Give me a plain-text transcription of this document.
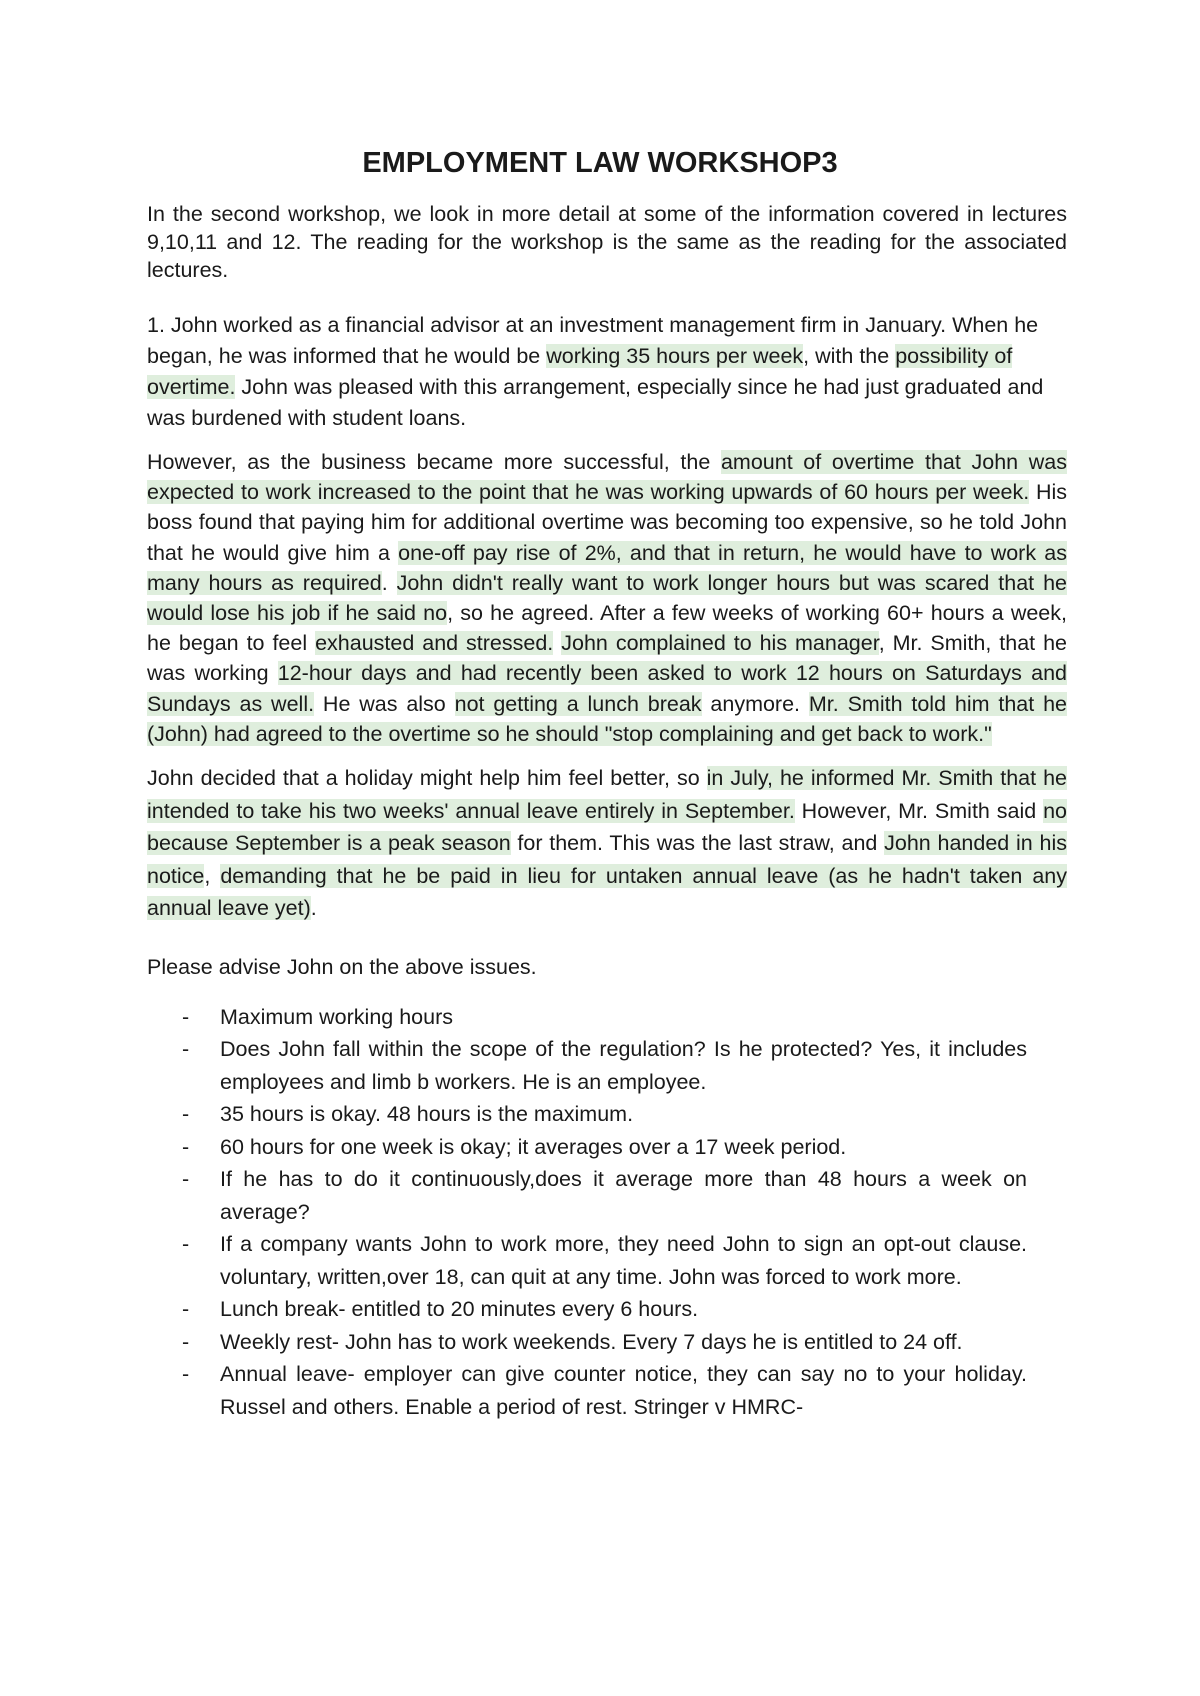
EMPLOYMENT LAW WORKSHOP3

In the second workshop, we look in more detail at some of the information covered in lectures 9,10,11 and 12. The reading for the workshop is the same as the reading for the associated lectures.

1. John worked as a financial advisor at an investment management firm in January. When he began, he was informed that he would be working 35 hours per week, with the possibility of overtime. John was pleased with this arrangement, especially since he had just graduated and was burdened with student loans.

However, as the business became more successful, the amount of overtime that John was expected to work increased to the point that he was working upwards of 60 hours per week. His boss found that paying him for additional overtime was becoming too expensive, so he told John that he would give him a one-off pay rise of 2%, and that in return, he would have to work as many hours as required. John didn't really want to work longer hours but was scared that he would lose his job if he said no, so he agreed. After a few weeks of working 60+ hours a week, he began to feel exhausted and stressed. John complained to his manager, Mr. Smith, that he was working 12-hour days and had recently been asked to work 12 hours on Saturdays and Sundays as well. He was also not getting a lunch break anymore. Mr. Smith told him that he (John) had agreed to the overtime so he should "stop complaining and get back to work."

John decided that a holiday might help him feel better, so in July, he informed Mr. Smith that he intended to take his two weeks' annual leave entirely in September. However, Mr. Smith said no because September is a peak season for them. This was the last straw, and John handed in his notice, demanding that he be paid in lieu for untaken annual leave (as he hadn't taken any annual leave yet).

Please advise John on the above issues.

- Maximum working hours
- Does John fall within the scope of the regulation? Is he protected? Yes, it includes employees and limb b workers. He is an employee.
- 35 hours is okay. 48 hours is the maximum.
- 60 hours for one week is okay; it averages over a 17 week period.
- If he has to do it continuously,does it average more than 48 hours a week on average?
- If a company wants John to work more, they need John to sign an opt-out clause. voluntary, written,over 18, can quit at any time. John was forced to work more.
- Lunch break- entitled to 20 minutes every 6 hours.
- Weekly rest- John has to work weekends. Every 7 days he is entitled to 24 off.
- Annual leave- employer can give counter notice, they can say no to your holiday. Russel and others. Enable a period of rest. Stringer v HMRC-
